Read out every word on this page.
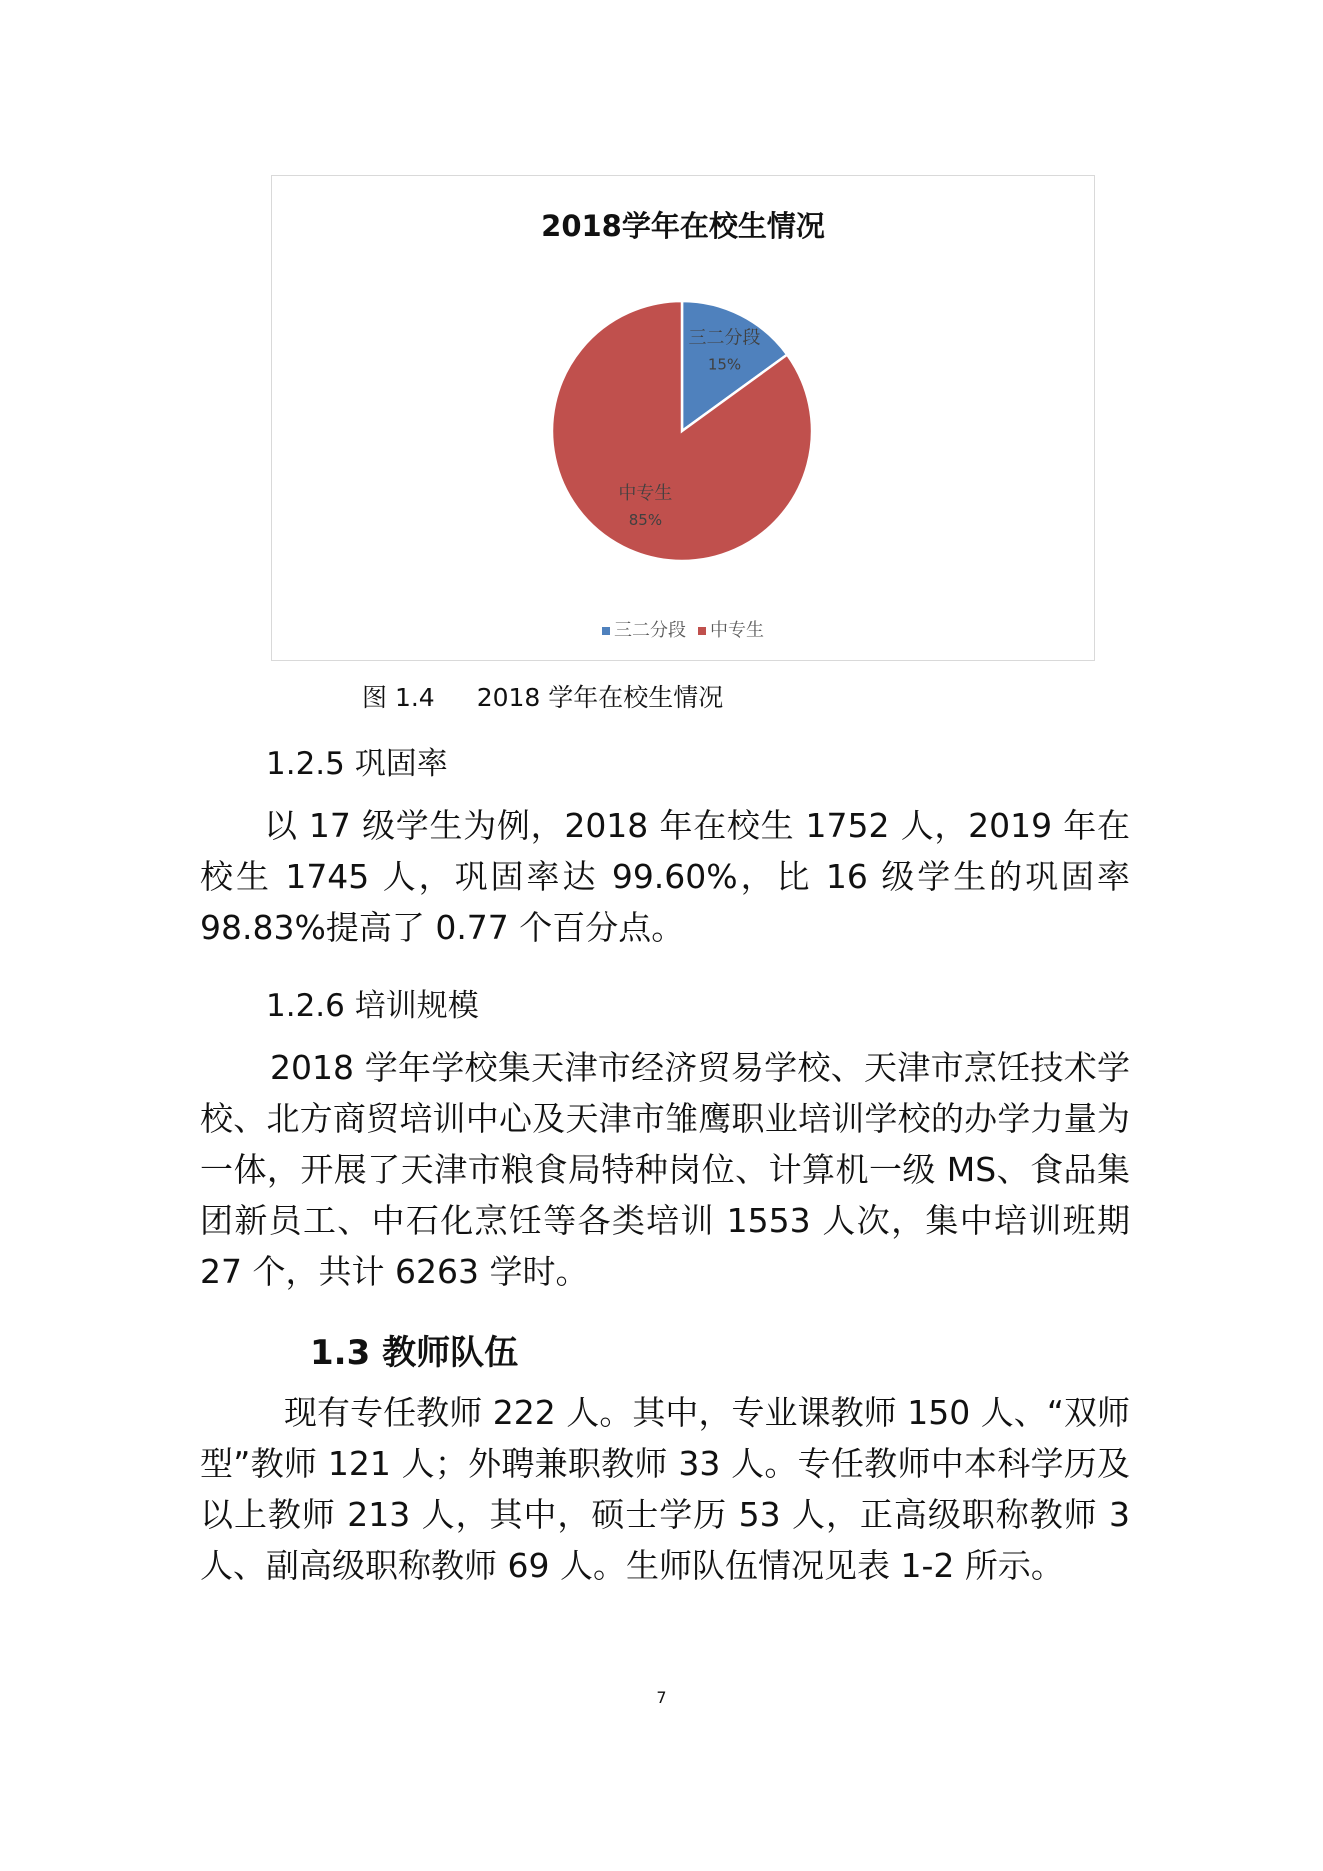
2018学年在校生情况
三二分段
15%
中专生
85%
三二分段 中专生
图 1.4 2018 学年在校生情况
1.2.5 巩固率

以 17 级学生为例，2018 年在校生 1752 人，2019 年在校生 1745 人，巩固率达 99.60%，比 16 级学生的巩固率 98.83%提高了 0.77 个百分点。

1.2.6 培训规模

2018 学年学校集天津市经济贸易学校、天津市烹饪技术学校、北方商贸培训中心及天津市雏鹰职业培训学校的办学力量为一体，开展了天津市粮食局特种岗位、计算机一级 MS、食品集团新员工、中石化烹饪等各类培训 1553 人次，集中培训班期 27 个，共计 6263 学时。

1.3 教师队伍

现有专任教师 222 人。其中，专业课教师 150 人、“双师型”教师 121 人；外聘兼职教师 33 人。专任教师中本科学历及以上教师 213 人，其中，硕士学历 53 人，正高级职称教师 3 人、副高级职称教师 69 人。生师队伍情况见表 1-2 所示。

7
